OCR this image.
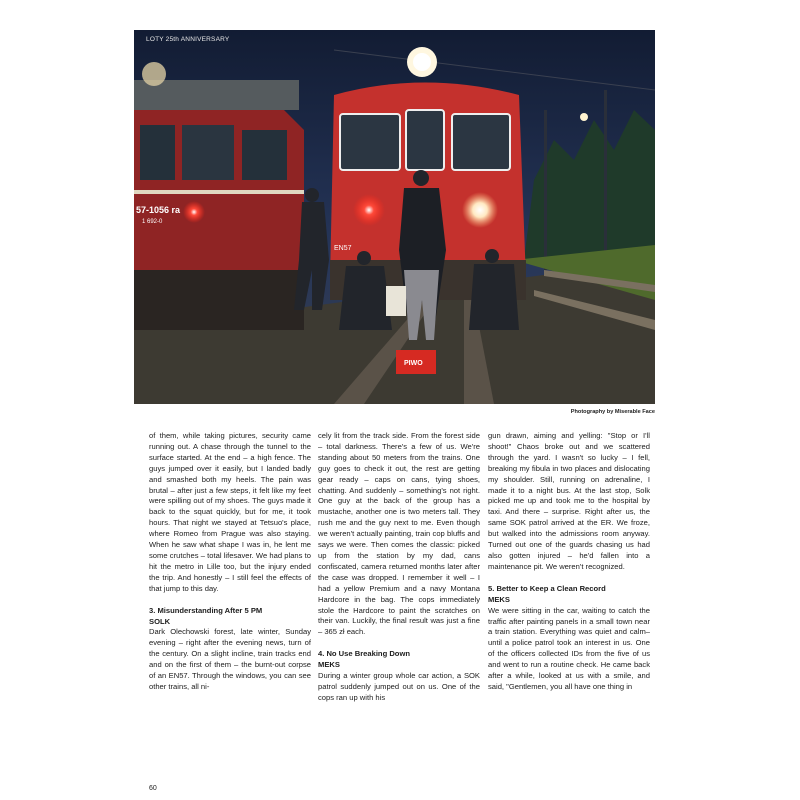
57-1056 ra
1 692-0
EN57
PIWO
LOTY 25th ANNIVERSARY
Photography by Miserable Face

of them, while taking pictures, security came running out. A chase through the tunnel to the surface started. At the end – a high fence. The guys jumped over it easily, but I landed badly and smashed both my heels. The pain was brutal – after just a few steps, it felt like my feet were spilling out of my shoes. The guys made it back to the squat quickly, but for me, it took hours. That night we stayed at Tetsuo's place, where Romeo from Prague was also staying. When he saw what shape I was in, he lent me some crutches – total lifesaver. We had plans to hit the metro in Lille too, but the injury ended the trip. And honestly – I still feel the effects of that jump to this day.

3. Misunderstanding After 5 PM

SOLK

Dark Olechowski forest, late winter, Sunday evening – right after the evening news, turn of the century. On a slight incline, train tracks end and on the first of them – the burnt-out corpse of an EN57. Through the windows, you can see other trains, all ni-

cely lit from the track side. From the forest side – total darkness. There's a few of us. We're standing about 50 meters from the trains. One guy goes to check it out, the rest are getting gear ready – caps on cans, tying shoes, chatting. And suddenly – something's not right. One guy at the back of the group has a mustache, another one is two meters tall. They rush me and the guy next to me. Even though we weren't actually painting, train cop bluffs and says we were. Then comes the classic: picked up from the station by my dad, cans confiscated, camera returned months later after the case was dropped. I remember it well – I had a yellow Premium and a navy Montana Hardcore in the bag. The cops immediately stole the Hardcore to paint the scratches on their van. Luckily, the final result was just a fine – 365 zł each.

4. No Use Breaking Down

MEKS

During a winter group whole car action, a SOK patrol suddenly jumped out on us. One of the cops ran up with his

gun drawn, aiming and yelling: "Stop or I'll shoot!" Chaos broke out and we scattered through the yard. I wasn't so lucky – I fell, breaking my fibula in two places and dislocating my shoulder. Still, running on adrenaline, I made it to a night bus. At the last stop, Solk picked me up and took me to the hospital by taxi. And there – surprise. Right after us, the same SOK patrol arrived at the ER. We froze, but walked into the admissions room anyway. Turned out one of the guards chasing us had also gotten injured – he'd fallen into a maintenance pit. We weren't recognized.

5. Better to Keep a Clean Record

MEKS

We were sitting in the car, waiting to catch the traffic after painting panels in a small town near a train station. Everything was quiet and calm–until a police patrol took an interest in us. One of the officers collected IDs from the five of us and went to run a routine check. He came back after a while, looked at us with a smile, and said, "Gentlemen, you all have one thing in

60
